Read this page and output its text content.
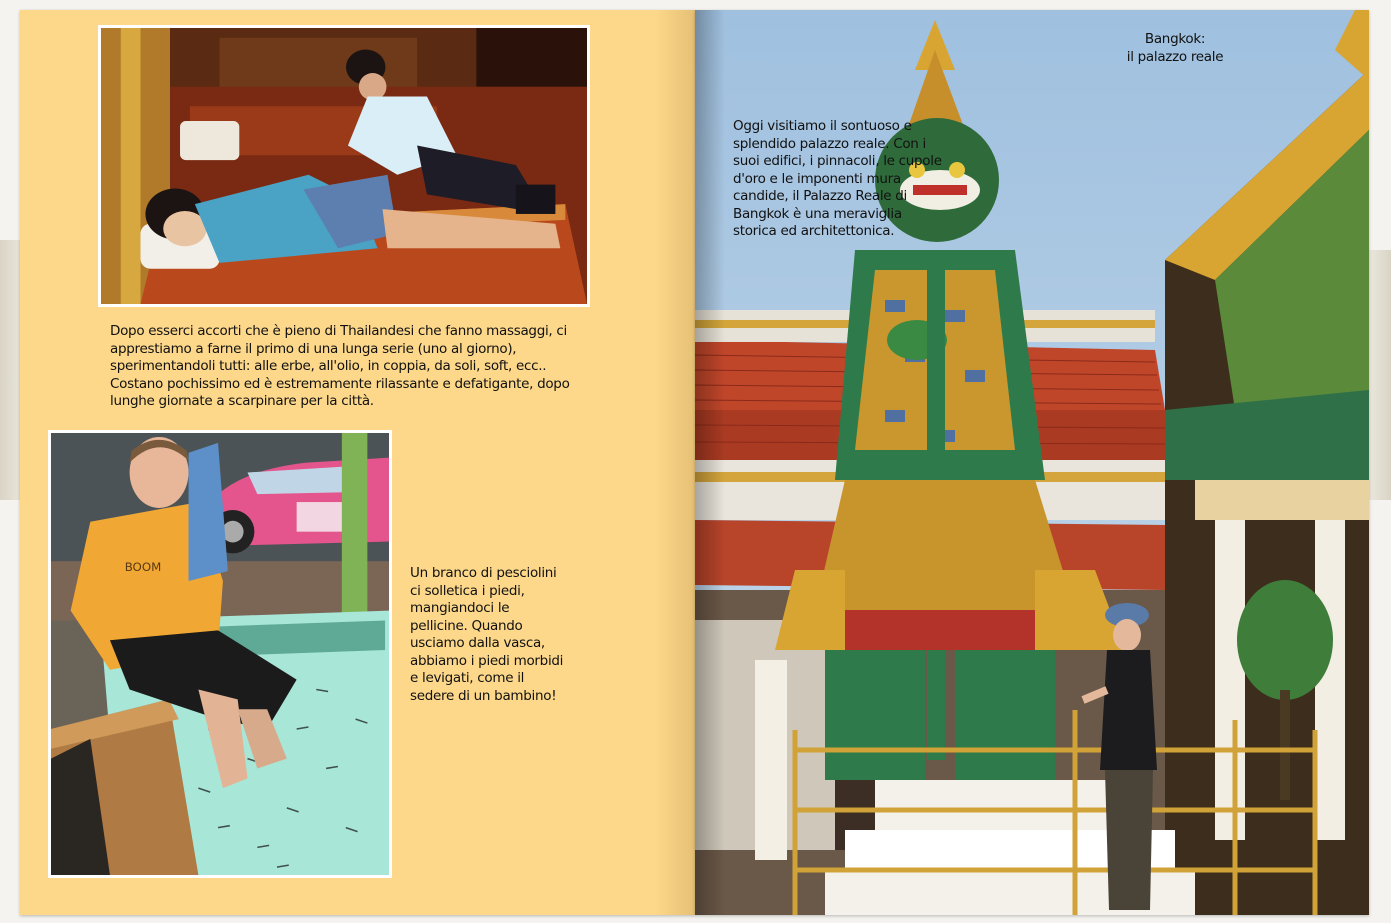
Dopo esserci accorti che è pieno di Thailandesi che fanno massaggi, ci apprestiamo a farne il primo di una lunga serie (uno al giorno), sperimentandoli tutti: alle erbe, all'olio, in coppia, da soli, soft, ecc.. Costano pochissimo ed è estremamente rilassante e defatigante, dopo lunghe giornate a scarpinare per la città.
BOOM	Un branco di pesciolini ci solletica i piedi, mangiandoci le pellicine. Quando usciamo dalla vasca, abbiamo i piedi morbidi e levigati, come il sedere di un bambino!
Bangkok:
il palazzo reale
Oggi visitiamo il sontuoso e splendido palazzo reale. Con i suoi edifici, i pinnacoli, le cupole d'oro e le imponenti mura candide, il Palazzo Reale di Bangkok è una meraviglia storica ed architettonica.
